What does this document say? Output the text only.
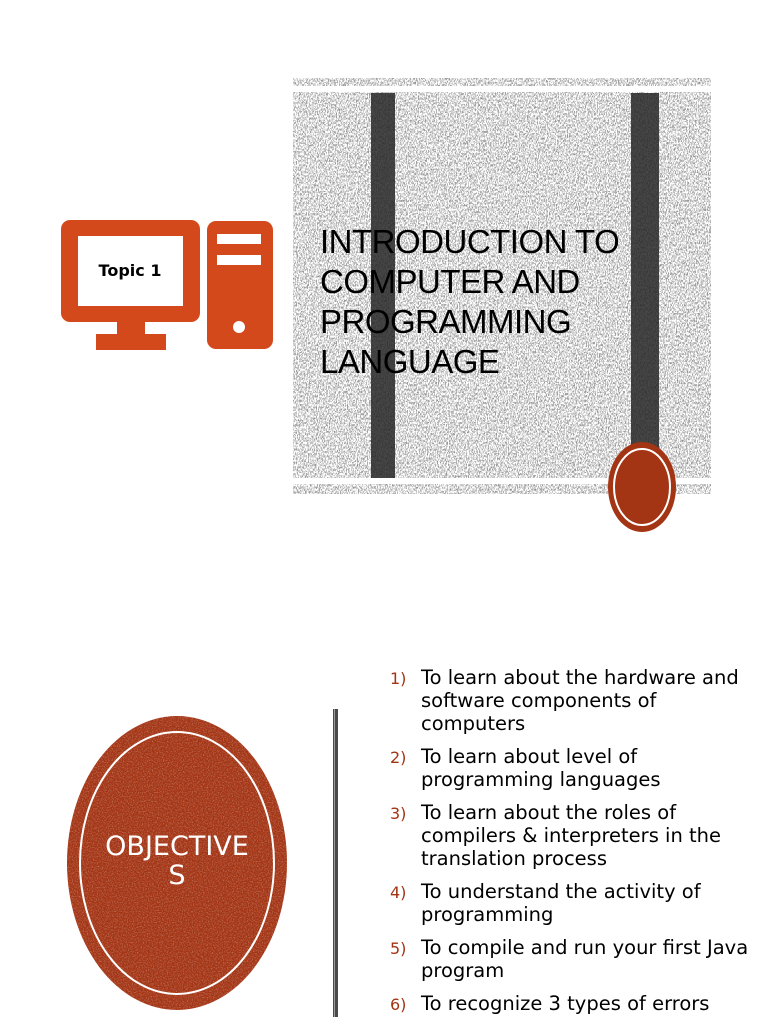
Topic 1
INTRODUCTION TO
COMPUTER AND
PROGRAMMING
LANGUAGE
OBJECTIVE
S
1) To learn about the hardware and software components of computers
2) To learn about level of programming languages
3) To learn about the roles of compilers & interpreters in the translation process
4) To understand the activity of programming
5) To compile and run your first Java program
6) To recognize 3 types of errors
